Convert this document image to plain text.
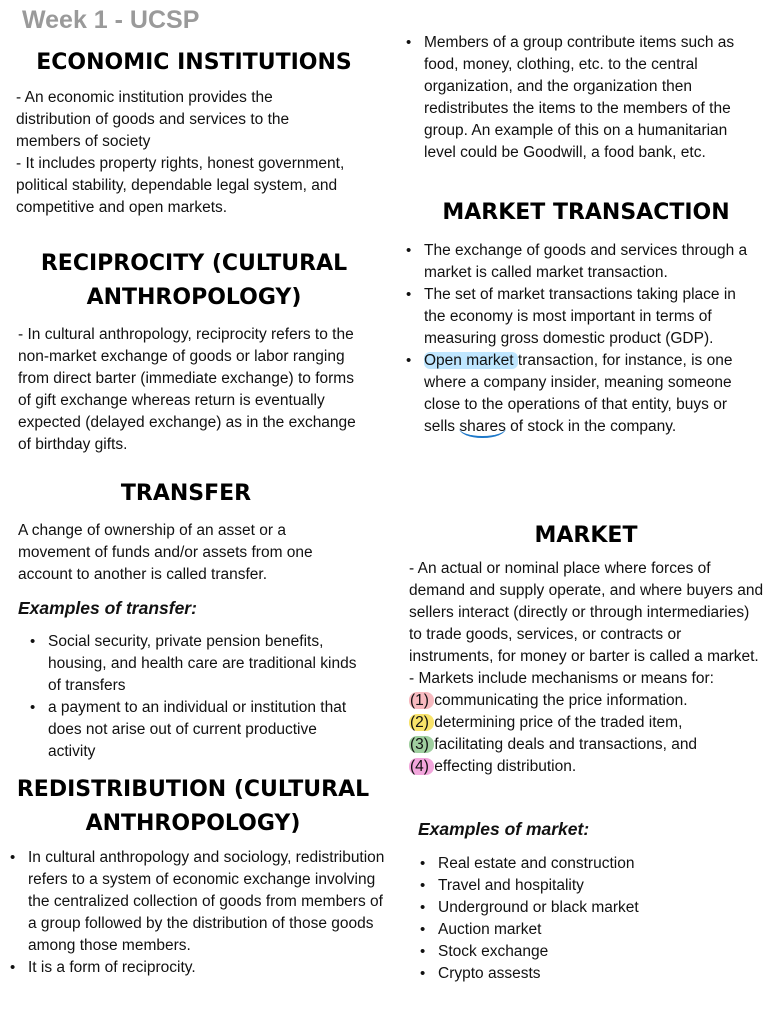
Week 1 - UCSP
ECONOMIC INSTITUTIONS
- An economic institution provides the distribution of goods and services to the members of society
- It includes property rights, honest government, political stability, dependable legal system, and competitive and open markets.
RECIPROCITY (CULTURAL
ANTHROPOLOGY)
- In cultural anthropology, reciprocity refers to the non-market exchange of goods or labor ranging from direct barter (immediate exchange) to forms of gift exchange whereas return is eventually expected (delayed exchange) as in the exchange of birthday gifts.
TRANSFER
A change of ownership of an asset or a movement of funds and/or assets from one account to another is called transfer.
Examples of transfer:
• Social security, private pension benefits, housing, and health care are traditional kinds of transfers
• a payment to an individual or institution that does not arise out of current productive activity
REDISTRIBUTION (CULTURAL
ANTHROPOLOGY)
• In cultural anthropology and sociology, redistribution refers to a system of economic exchange involving the centralized collection of goods from members of a group followed by the distribution of those goods among those members.
• It is a form of reciprocity.
• Members of a group contribute items such as food, money, clothing, etc. to the central organization, and the organization then redistributes the items to the members of the group. An example of this on a humanitarian level could be Goodwill, a food bank, etc.
MARKET TRANSACTION
• The exchange of goods and services through a market is called market transaction.
• The set of market transactions taking place in the economy is most important in terms of measuring gross domestic product (GDP).
• Open market transaction, for instance, is one where a company insider, meaning someone close to the operations of that entity, buys or sells shares of stock in the company.
MARKET
- An actual or nominal place where forces of demand and supply operate, and where buyers and sellers interact (directly or through intermediaries) to trade goods, services, or contracts or instruments, for money or barter is called a market.
- Markets include mechanisms or means for:
(1) communicating the price information.
(2) determining price of the traded item,
(3) facilitating deals and transactions, and
(4) effecting distribution.
Examples of market:
• Real estate and construction
• Travel and hospitality
• Underground or black market
• Auction market
• Stock exchange
• Crypto assests
